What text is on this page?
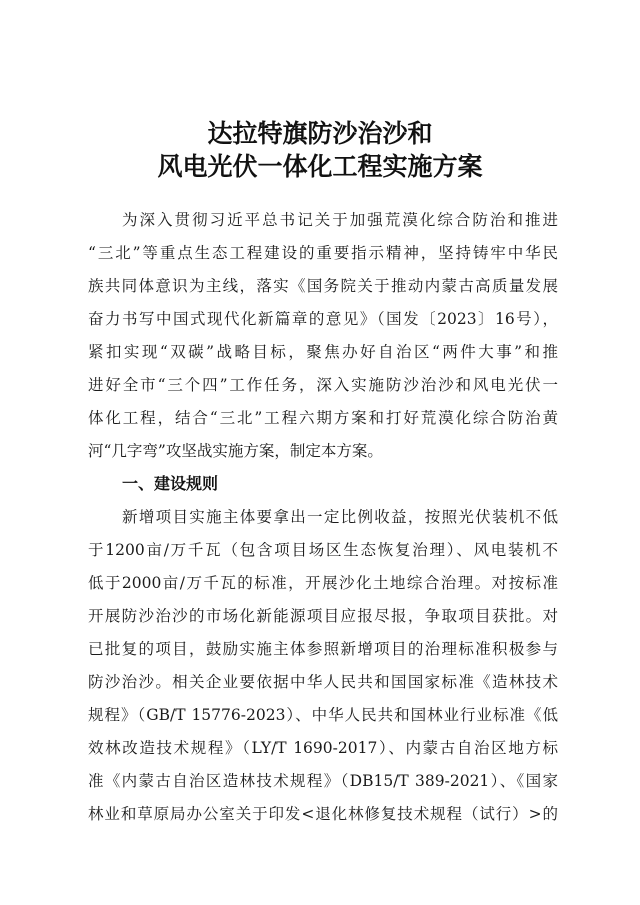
达拉特旗防沙治沙和
风电光伏一体化工程实施方案
为深入贯彻习近平总书记关于加强荒漠化综合防治和推进
“三北”等重点生态工程建设的重要指示精神，坚持铸牢中华民
族共同体意识为主线，落实《国务院关于推动内蒙古高质量发展
奋力书写中国式现代化新篇章的意见》（国发〔2023〕16号），
紧扣实现“双碳”战略目标，聚焦办好自治区“两件大事”和推
进好全市“三个四”工作任务，深入实施防沙治沙和风电光伏一
体化工程，结合“三北”工程六期方案和打好荒漠化综合防治黄
河“几字弯”攻坚战实施方案，制定本方案。
一、建设规则
新增项目实施主体要拿出一定比例收益，按照光伏装机不低
于1200亩/万千瓦（包含项目场区生态恢复治理）、风电装机不
低于2000亩/万千瓦的标准，开展沙化土地综合治理。对按标准
开展防沙治沙的市场化新能源项目应报尽报，争取项目获批。对
已批复的项目，鼓励实施主体参照新增项目的治理标准积极参与
防沙治沙。相关企业要依据中华人民共和国国家标准《造林技术
规程》（GB/T 15776-2023）、中华人民共和国林业行业标准《低
效林改造技术规程》（LY/T 1690-2017）、内蒙古自治区地方标
准《内蒙古自治区造林技术规程》（DB15/T 389-2021）、《国家
林业和草原局办公室关于印发<退化林修复技术规程（试行）>的
